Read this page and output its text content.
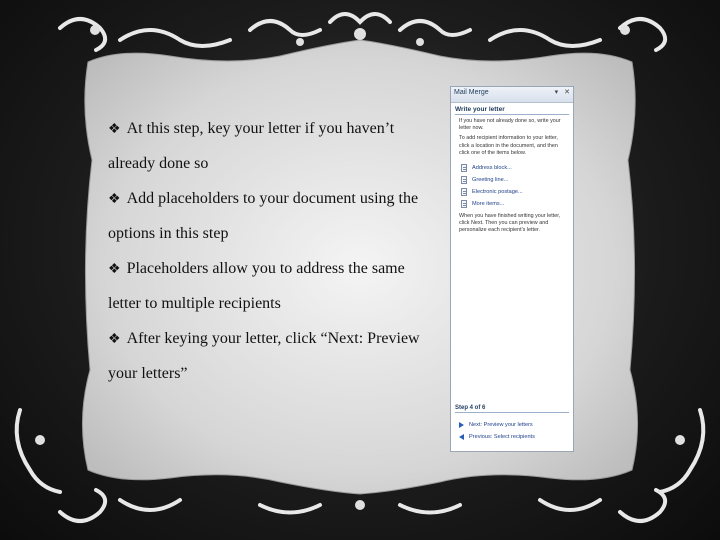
❖ At this step, key your letter if you haven’t already done so
❖ Add placeholders to your document using the options in this step
❖ Placeholders allow you to address the same letter to multiple recipients
❖ After keying your letter, click “Next: Preview your letters”
Mail Merge	▾ ✕
Write your letter
If you have not already done so, write your letter now.
To add recipient information to your letter, click a location in the document, and then click one of the items below.
Address block...
Greeting line...
Electronic postage...
More items...
When you have finished writing your letter, click Next. Then you can preview and personalize each recipient's letter.
Step 4 of 6
Next: Preview your letters
Previous: Select recipients
